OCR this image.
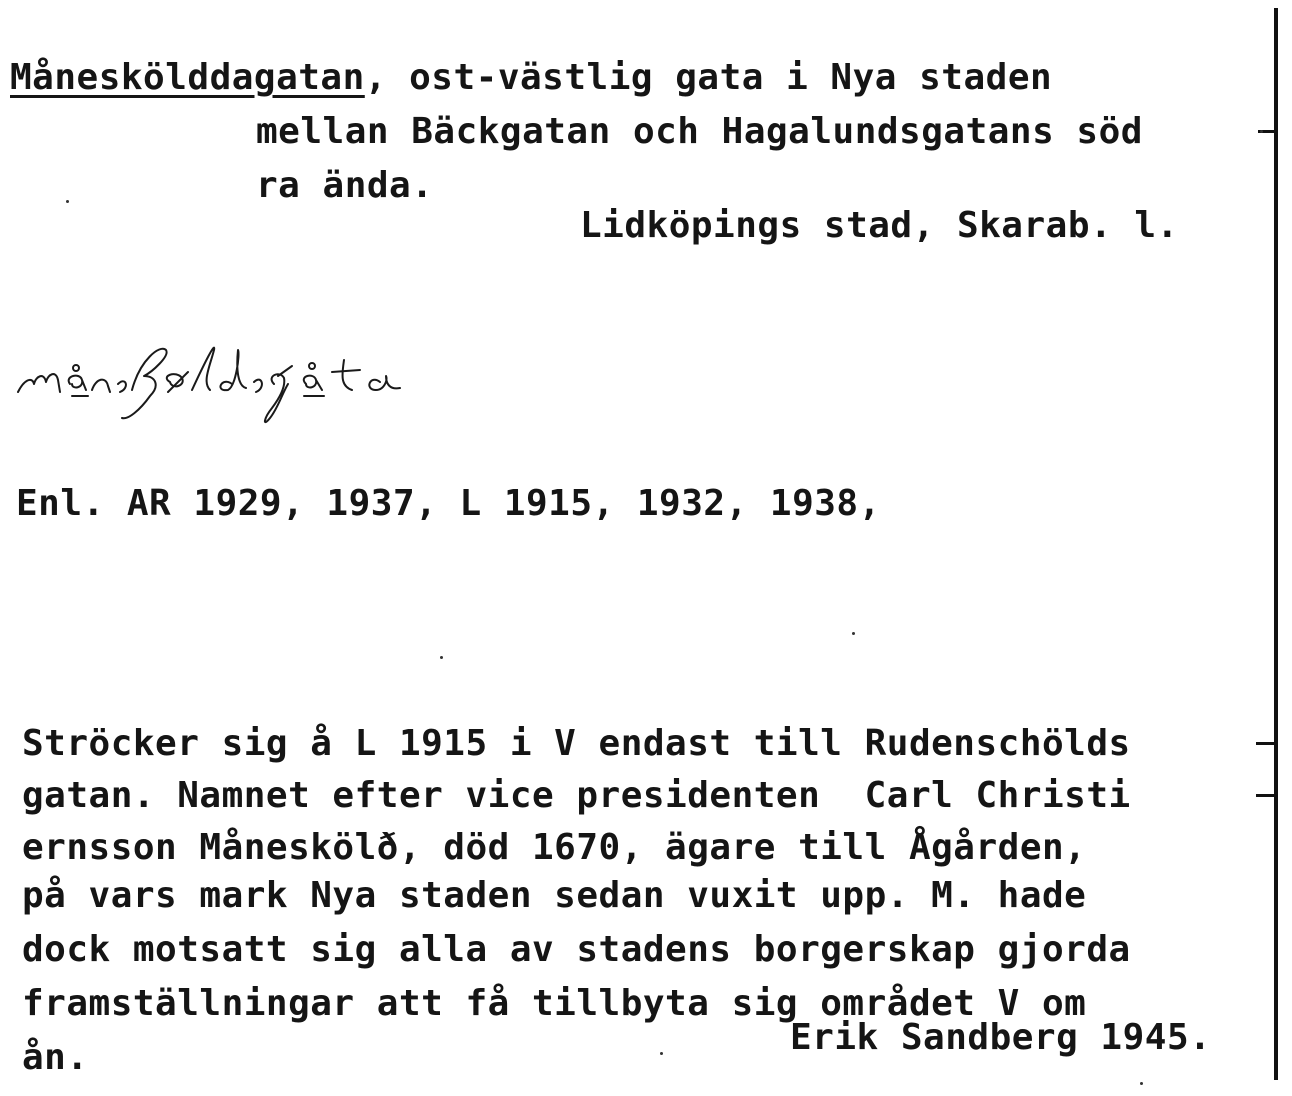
Måneskölddagatan, ost-västlig gata i Nya staden
mellan Bäckgatan och Hagalundsgatans söd
ra ända.
Lidköpings stad, Skarab. l.
Enl. AR 1929, 1937, L 1915, 1932, 1938,
Ströcker sig å L 1915 i V endast till Rudenschölds
gatan. Namnet efter vice presidenten  Carl Christi
ernsson Måneskölð, död 1670, ägare till Ågården,
på vars mark Nya staden sedan vuxit upp. M. hade
dock motsatt sig alla av stadens borgerskap gjorda
framställningar att få tillbyta sig området V om
ån.	Erik Sandberg 1945.
